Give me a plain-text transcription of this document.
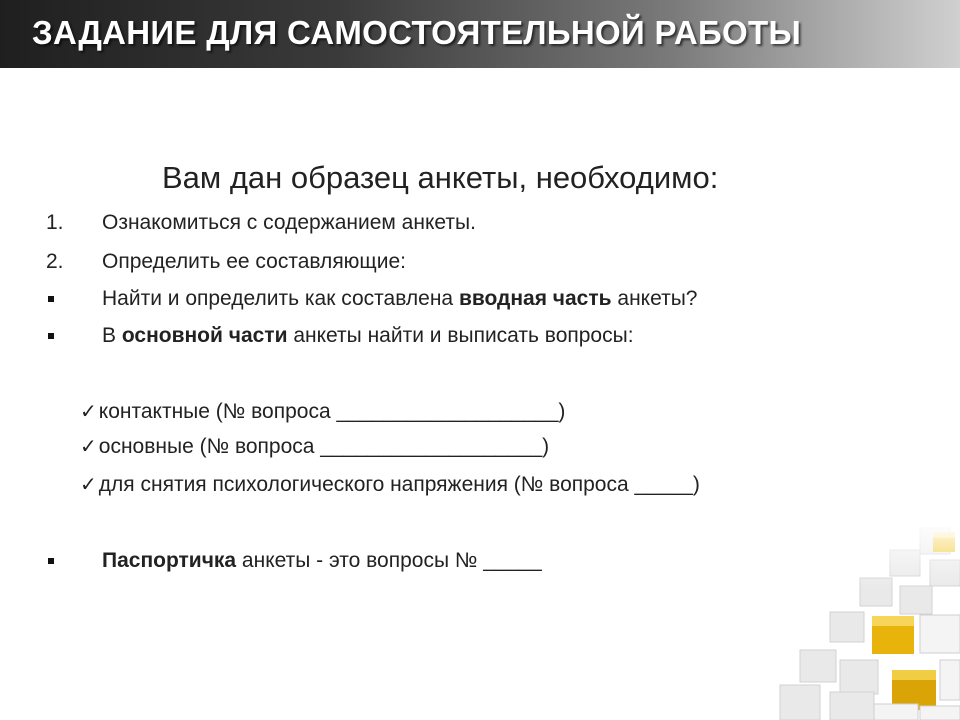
ЗАДАНИЕ ДЛЯ САМОСТОЯТЕЛЬНОЙ РАБОТЫ
Вам дан образец анкеты, необходимо:
1. Ознакомиться с содержанием анкеты.
2. Определить ее составляющие:
Найти и определить как составлена вводная часть анкеты?
В основной части анкеты найти и выписать вопросы:
✓контактные (№ вопроса ___________________)
✓основные (№ вопроса ___________________)
✓для снятия психологического напряжения (№ вопроса _____)
Паспортичка анкеты - это вопросы № _____
